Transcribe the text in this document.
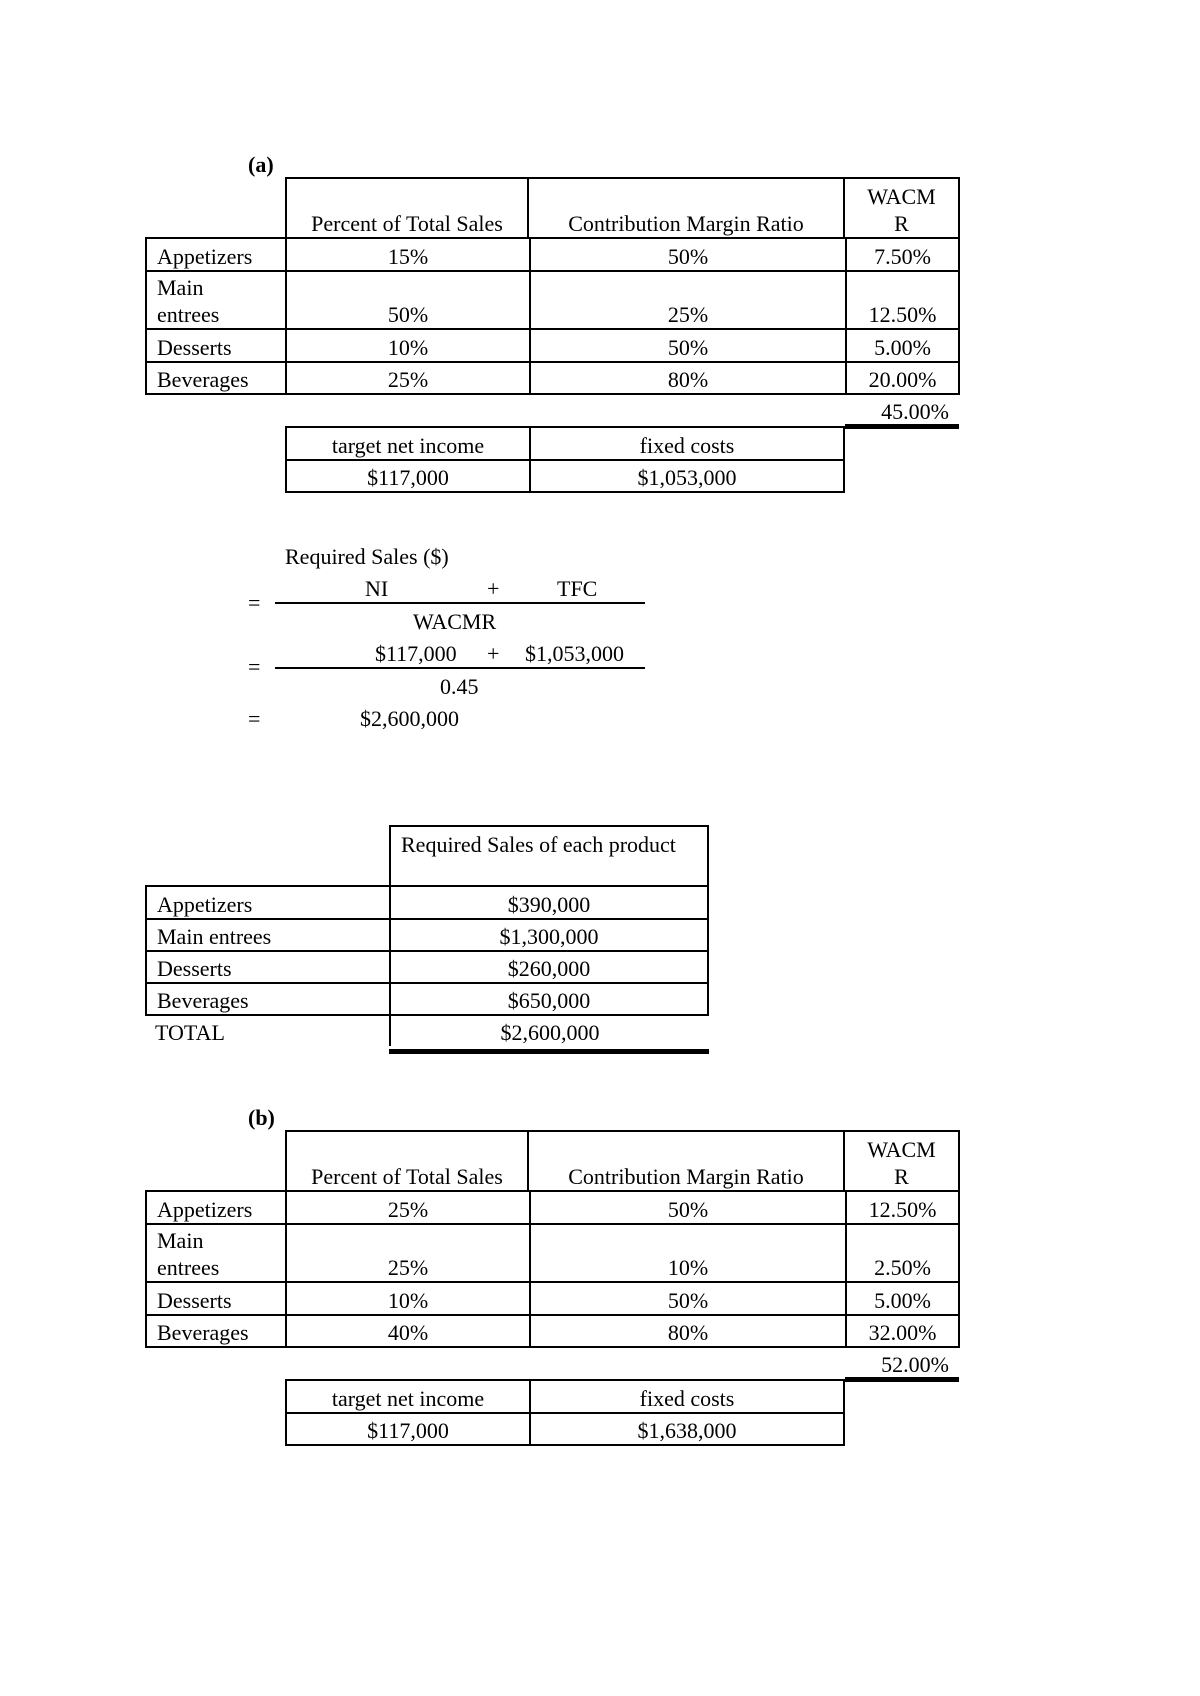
(a)
Percent of Total Sales	Contribution Margin Ratio
WACM R
Appetizers	15%	50%	7.50%
Main entrees	50%	25%	12.50%
Desserts	10%	50%	5.00%
Beverages	25%	80%	20.00%
45.00%
target net income	fixed costs
$117,000	$1,053,000
Required Sales ($)
=
NI	+	TFC
WACMR
=
$117,000 + $1,053,000
0.45
=	$2,600,000
Required Sales of each product
Appetizers	$390,000
Main entrees	$1,300,000
Desserts	$260,000
Beverages	$650,000
TOTAL	$2,600,000
(b)
Percent of Total Sales	Contribution Margin Ratio
WACM R
Appetizers	25%	50%	12.50%
Main entrees	25%	10%	2.50%
Desserts	10%	50%	5.00%
Beverages	40%	80%	32.00%
52.00%
target net income	fixed costs
$117,000	$1,638,000
